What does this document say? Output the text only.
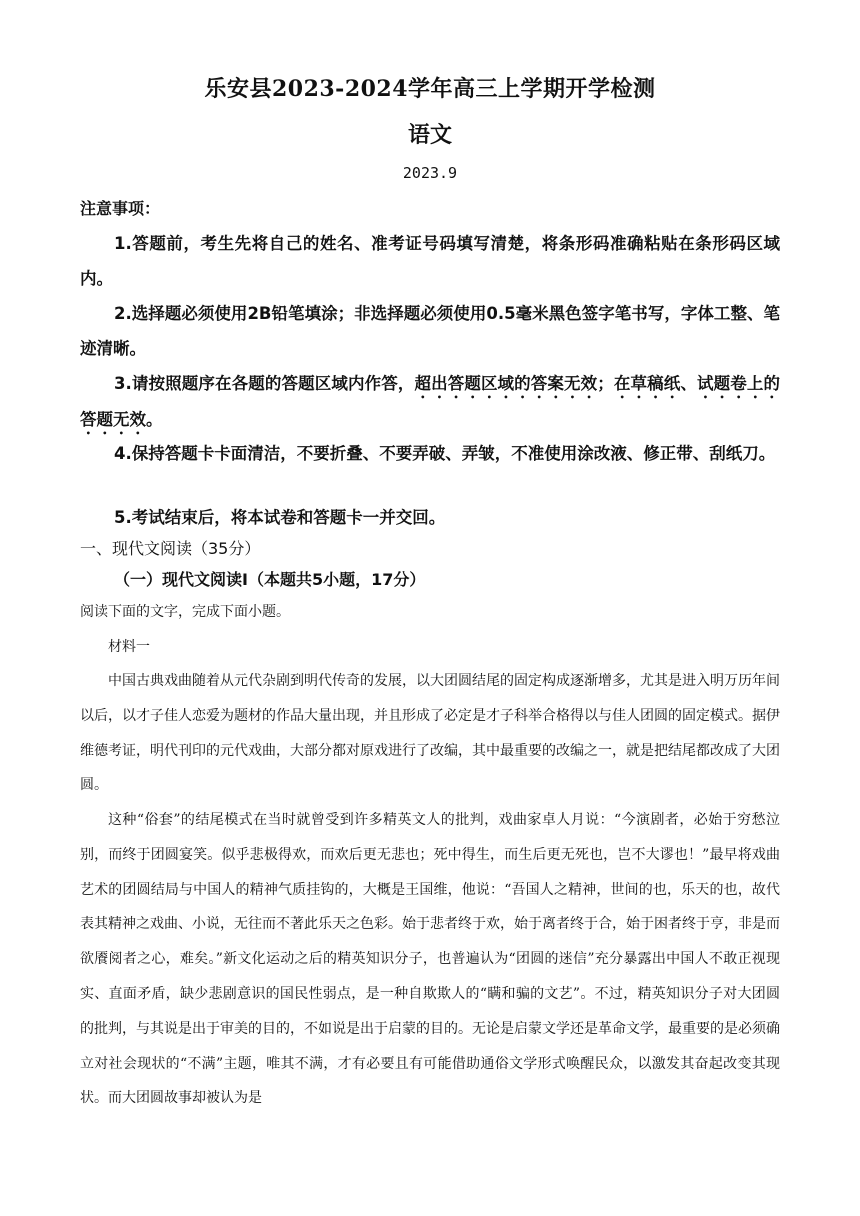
乐安县2023-2024学年高三上学期开学检测
语文
2023.9
注意事项：
1.答题前，考生先将自己的姓名、准考证号码填写清楚，将条形码准确粘贴在条形码区域内。
2.选择题必须使用2B铅笔填涂；非选择题必须使用0.5毫米黑色签字笔书写，字体工整、笔迹清晰。
3.请按照题序在各题的答题区域内作答，超出答题区域的答案无效；在草稿纸、试题卷上的答题无效。
4.保持答题卡卡面清洁，不要折叠、不要弄破、弄皱，不准使用涂改液、修正带、刮纸刀。
5.考试结束后，将本试卷和答题卡一并交回。
一、现代文阅读（35分）
（一）现代文阅读Ⅰ（本题共5小题，17分）
阅读下面的文字，完成下面小题。
材料一
中国古典戏曲随着从元代杂剧到明代传奇的发展，以大团圆结尾的固定构成逐渐增多，尤其是进入明万历年间以后，以才子佳人恋爱为题材的作品大量出现，并且形成了必定是才子科举合格得以与佳人团圆的固定模式。据伊维德考证，明代刊印的元代戏曲，大部分都对原戏进行了改编，其中最重要的改编之一，就是把结尾都改成了大团圆。
这种“俗套”的结尾模式在当时就曾受到许多精英文人的批判，戏曲家卓人月说：“今演剧者，必始于穷愁泣别，而终于团圆宴笑。似乎悲极得欢，而欢后更无悲也；死中得生，而生后更无死也，岂不大谬也！”最早将戏曲艺术的团圆结局与中国人的精神气质挂钩的，大概是王国维，他说：“吾国人之精神，世间的也，乐天的也，故代表其精神之戏曲、小说，无往而不著此乐天之色彩。始于悲者终于欢，始于离者终于合，始于困者终于亨，非是而欲餍阅者之心，难矣。”新文化运动之后的精英知识分子，也普遍认为“团圆的迷信”充分暴露出中国人不敢正视现实、直面矛盾，缺少悲剧意识的国民性弱点，是一种自欺欺人的“瞒和骗的文艺”。不过，精英知识分子对大团圆的批判，与其说是出于审美的目的，不如说是出于启蒙的目的。无论是启蒙文学还是革命文学，最重要的是必须确立对社会现状的“不满”主题，唯其不满，才有必要且有可能借助通俗文学形式唤醒民众，以激发其奋起改变其现状。而大团圆故事却被认为是
